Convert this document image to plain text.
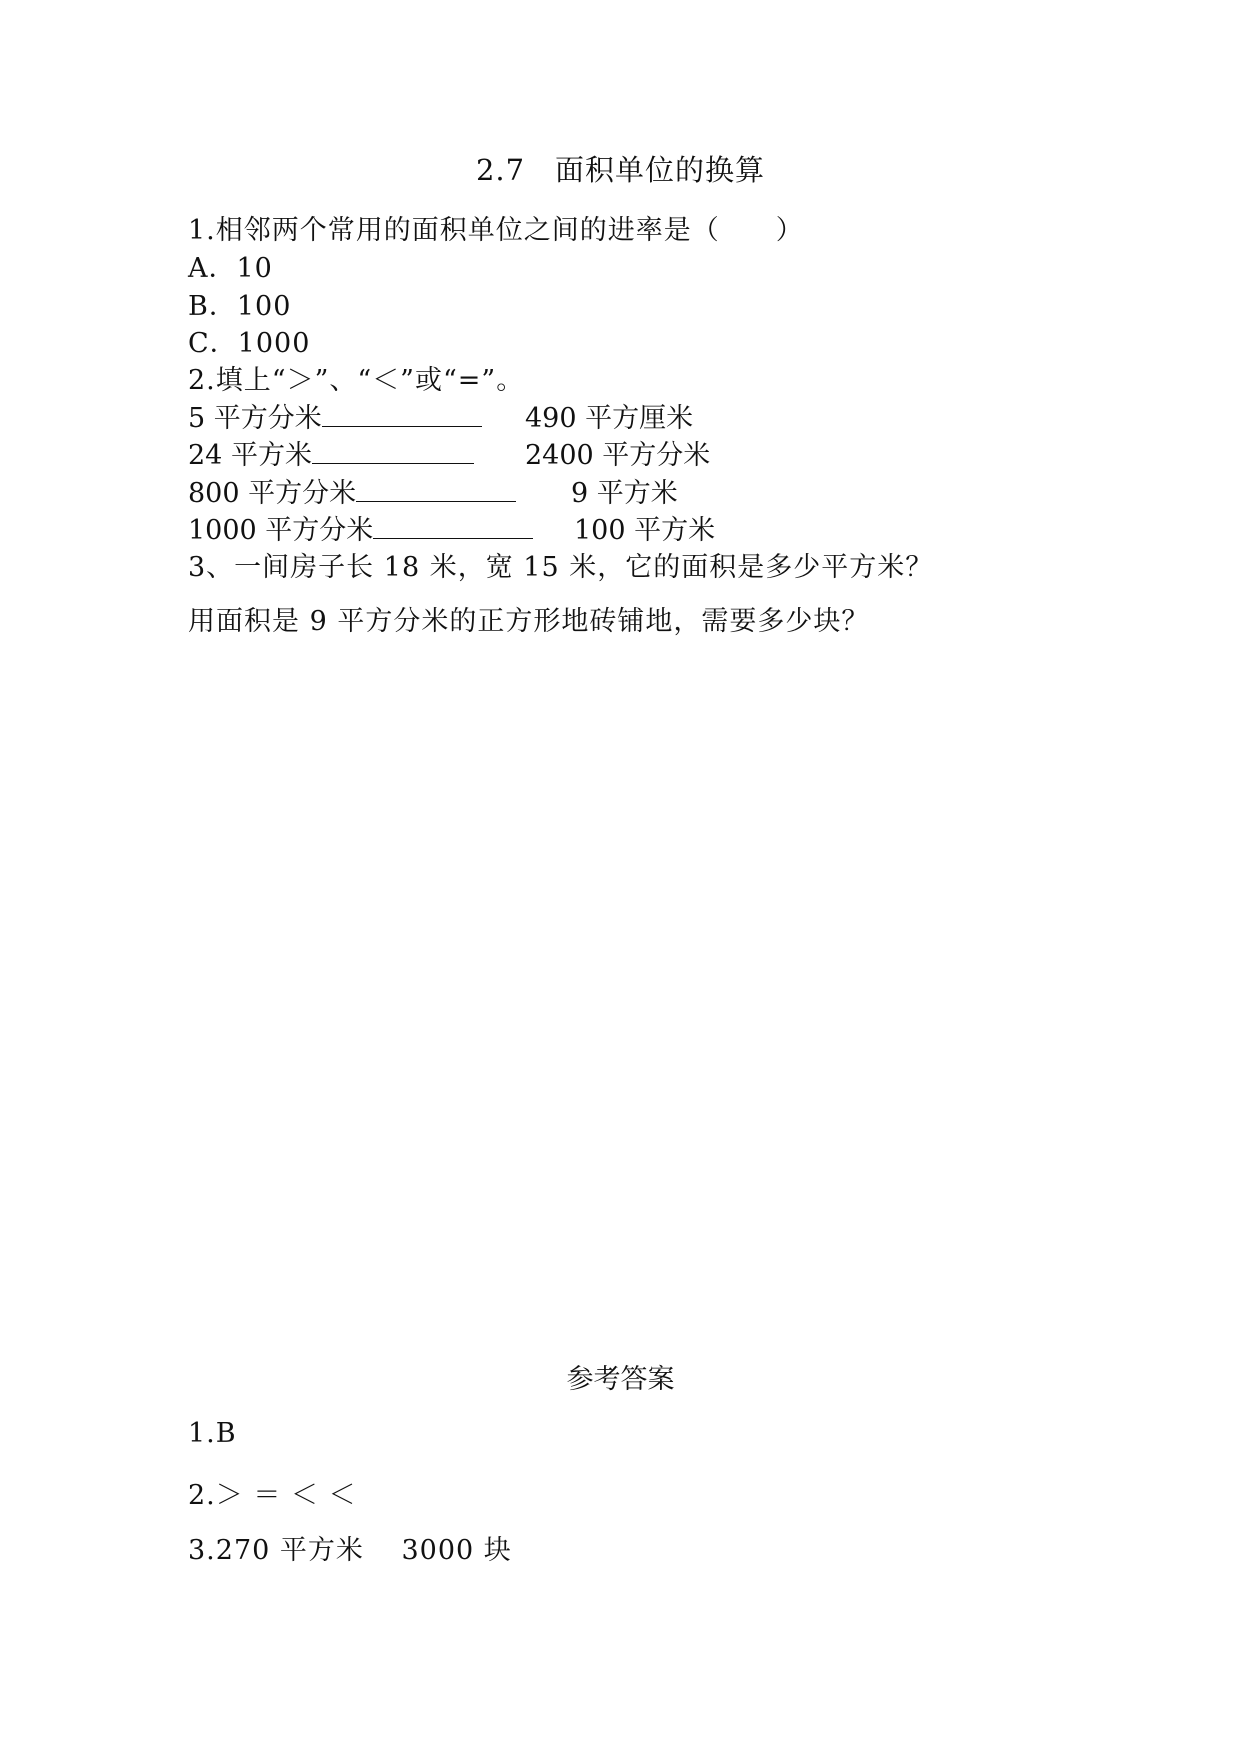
2.7　面积单位的换算
1.相邻两个常用的面积单位之间的进率是（　　）
A．10
B．100
C．1000
2.填上“＞”、“＜”或“=”。
5 平方分米	490 平方厘米
24 平方米	2400 平方分米
800 平方分米	9 平方米
1000 平方分米	100 平方米
3、一间房子长 18 米，宽 15 米，它的面积是多少平方米？
用面积是 9 平方分米的正方形地砖铺地，需要多少块？
参考答案
1.B
2.＞ ＝ ＜ ＜
3.270 平方米　 3000 块
